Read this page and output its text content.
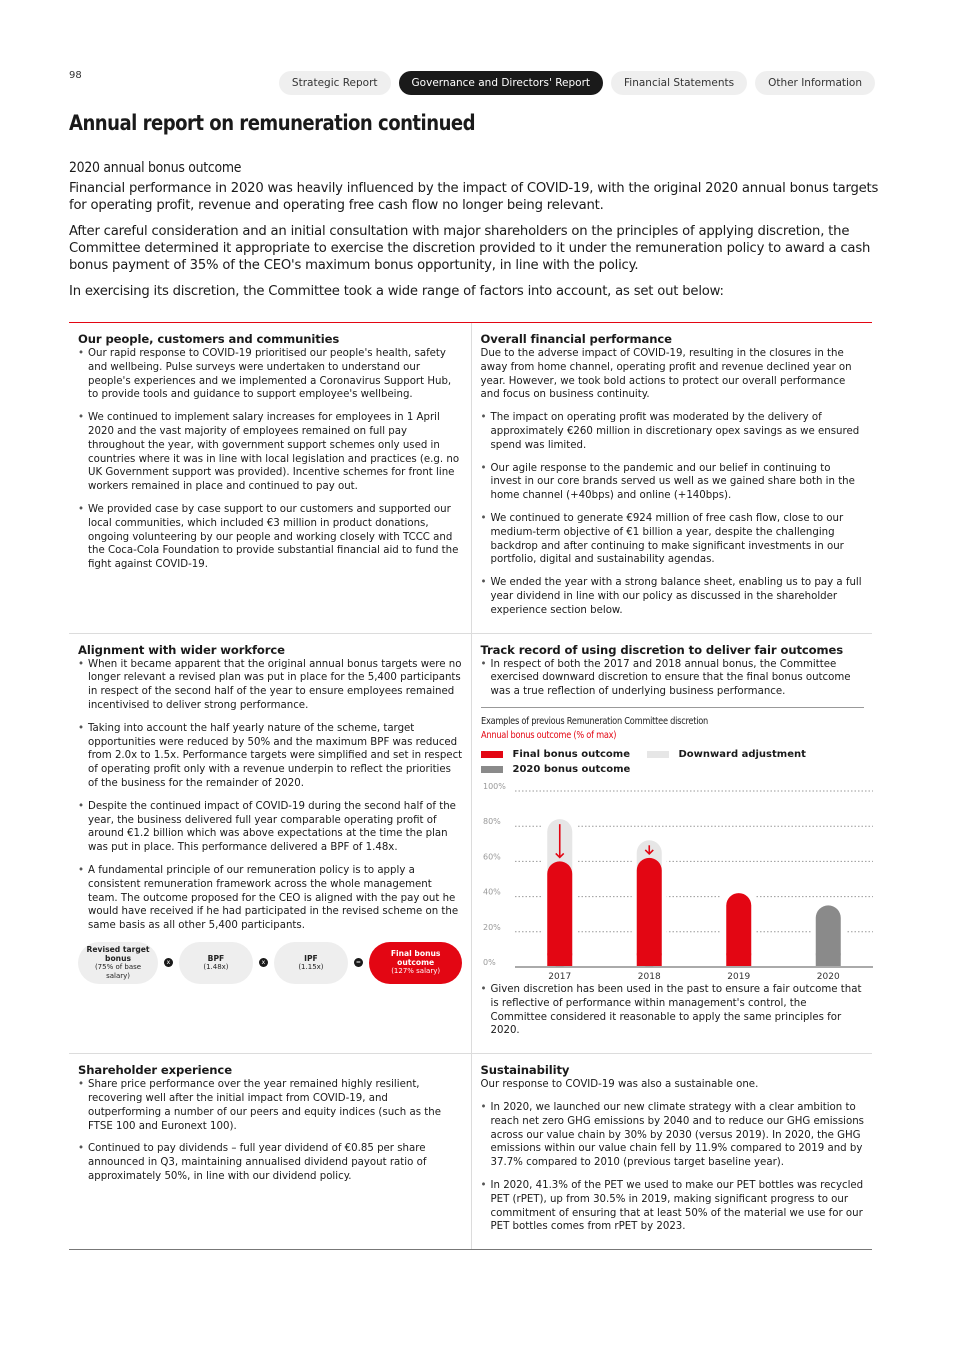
98
Strategic Report	Governance and Directors' Report	Financial Statements	Other Information
Annual report on remuneration continued
2020 annual bonus outcome

Financial performance in 2020 was heavily influenced by the impact of COVID-19, with the original 2020 annual bonus targets for operating profit, revenue and operating free cash flow no longer being relevant.

After careful consideration and an initial consultation with major shareholders on the principles of applying discretion, the Committee determined it appropriate to exercise the discretion provided to it under the remuneration policy to award a cash bonus payment of 35% of the CEO's maximum bonus opportunity, in line with the policy.

In exercising its discretion, the Committee took a wide range of factors into account, as set out below:

Our people, customers and communities
• Our rapid response to COVID-19 prioritised our people's health, safety and wellbeing. Pulse surveys were undertaken to understand our people's experiences and we implemented a Coronavirus Support Hub, to provide tools and guidance to support employee's wellbeing.
• We continued to implement salary increases for employees in 1 April 2020 and the vast majority of employees remained on full pay throughout the year, with government support schemes only used in countries where it was in line with local legislation and practices (e.g. no UK Government support was provided). Incentive schemes for front line workers remained in place and continued to pay out.
• We provided case by case support to our customers and supported our local communities, which included €3 million in product donations, ongoing volunteering by our people and working closely with TCCC and the Coca-Cola Foundation to provide substantial financial aid to fund the fight against COVID-19.
Overall financial performance

Due to the adverse impact of COVID-19, resulting in the closures in the away from home channel, operating profit and revenue declined year on year. However, we took bold actions to protect our overall performance and focus on business continuity.

• The impact on operating profit was moderated by the delivery of approximately €260 million in discretionary opex savings as we ensured spend was limited.
• Our agile response to the pandemic and our belief in continuing to invest in our core brands served us well as we gained share both in the home channel (+40bps) and online (+140bps).
• We continued to generate €924 million of free cash flow, close to our medium-term objective of €1 billion a year, despite the challenging backdrop and after continuing to make significant investments in our portfolio, digital and sustainability agendas.
• We ended the year with a strong balance sheet, enabling us to pay a full year dividend in line with our policy as discussed in the shareholder experience section below.
Alignment with wider workforce
• When it became apparent that the original annual bonus targets were no longer relevant a revised plan was put in place for the 5,400 participants in respect of the second half of the year to ensure employees remained incentivised to deliver strong performance.
• Taking into account the half yearly nature of the scheme, target opportunities were reduced by 50% and the maximum BPF was reduced from 2.0x to 1.5x. Performance targets were simplified and set in respect of operating profit only with a revenue underpin to reflect the priorities of the business for the remainder of 2020.
• Despite the continued impact of COVID-19 during the second half of the year, the business delivered full year comparable operating profit of around €1.2 billion which was above expectations at the time the plan was put in place. This performance delivered a BPF of 1.48x.
• A fundamental principle of our remuneration policy is to apply a consistent remuneration framework across the whole management team. The outcome proposed for the CEO is aligned with the pay out he would have received if he had participated in the revised scheme on the same basis as all other 5,400 participants.
Revised target bonus
(75% of base salary)
x	BPF
(1.48x)	x	IPF
(1.15x)	=
Final bonus outcome
(127% salary)
Track record of using discretion to deliver fair outcomes
• In respect of both the 2017 and 2018 annual bonus, the Committee exercised downward discretion to ensure that the final bonus outcome was a true reflection of underlying business performance.
Examples of previous Remuneration Committee discretion
Annual bonus outcome (% of max)
Final bonus outcome	Downward adjustment
2020 bonus outcome
0%
20%
40%
60%
80%
100%
2017	2018	2019	2020
• Given discretion has been used in the past to ensure a fair outcome that is reflective of performance within management's control, the Committee considered it reasonable to apply the same principles for 2020.
Shareholder experience
• Share price performance over the year remained highly resilient, recovering well after the initial impact from COVID-19, and outperforming a number of our peers and equity indices (such as the FTSE 100 and Euronext 100).
• Continued to pay dividends – full year dividend of €0.85 per share announced in Q3, maintaining annualised dividend payout ratio of approximately 50%, in line with our dividend policy.
Sustainability

Our response to COVID-19 was also a sustainable one.

• In 2020, we launched our new climate strategy with a clear ambition to reach net zero GHG emissions by 2040 and to reduce our GHG emissions across our value chain by 30% by 2030 (versus 2019). In 2020, the GHG emissions within our value chain fell by 11.9% compared to 2019 and by 37.7% compared to 2010 (previous target baseline year).
• In 2020, 41.3% of the PET we used to make our PET bottles was recycled PET (rPET), up from 30.5% in 2019, making significant progress to our commitment of ensuring that at least 50% of the material we use for our PET bottles comes from rPET by 2023.
